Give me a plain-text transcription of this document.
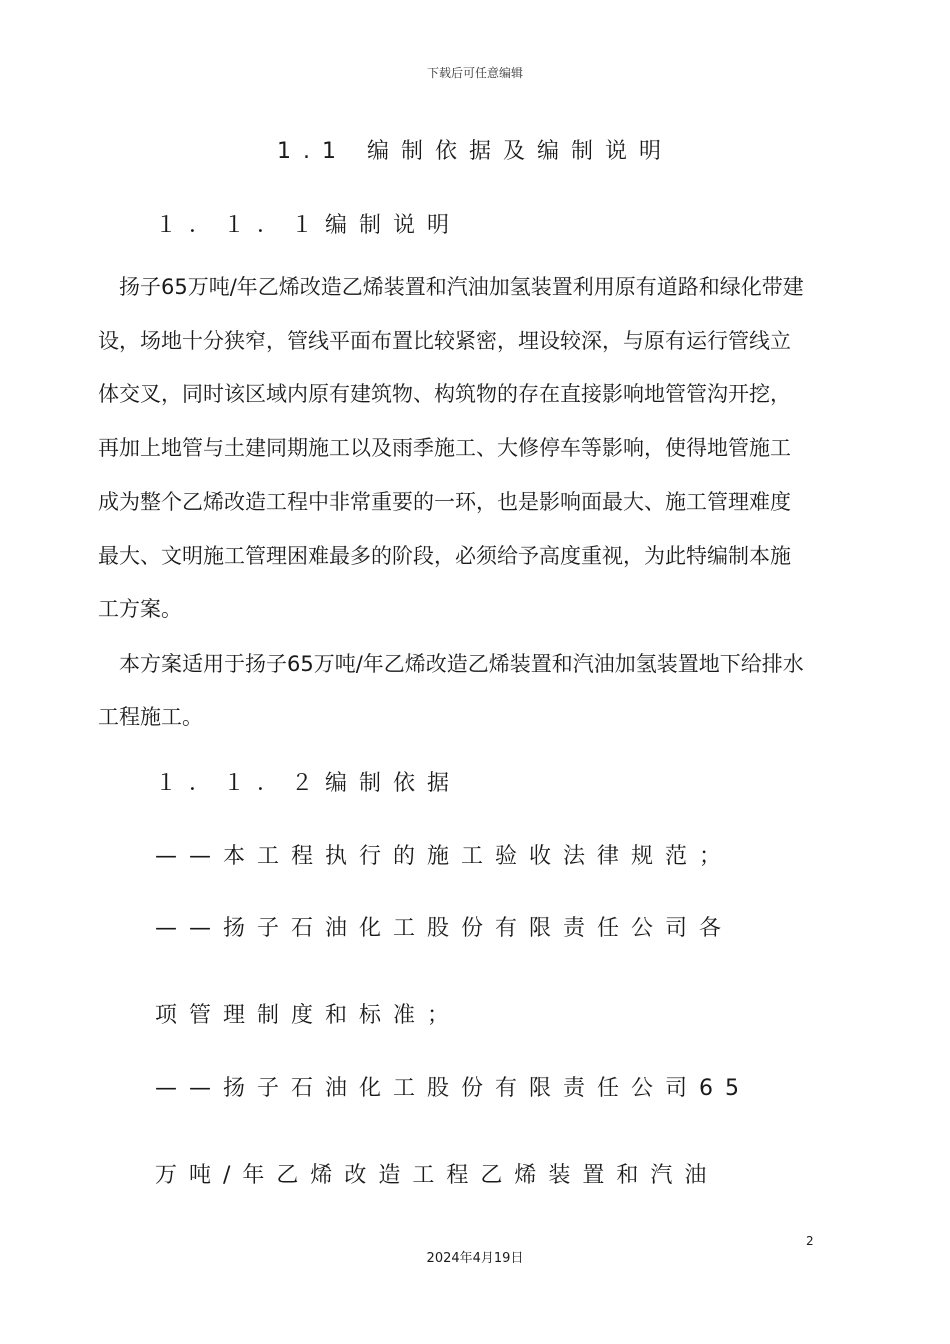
下载后可任意编辑
1.1 编制依据及编制说明
１．１．１编制说明
扬子65万吨/年乙烯改造乙烯装置和汽油加氢装置利用原有道路和绿化带建设，场地十分狭窄，管线平面布置比较紧密，埋设较深，与原有运行管线立体交叉，同时该区域内原有建筑物、构筑物的存在直接影响地管管沟开挖，再加上地管与土建同期施工以及雨季施工、大修停车等影响，使得地管施工成为整个乙烯改造工程中非常重要的一环，也是影响面最大、施工管理难度最大、文明施工管理困难最多的阶段，必须给予高度重视，为此特编制本施工方案。
本方案适用于扬子65万吨/年乙烯改造乙烯装置和汽油加氢装置地下给排水工程施工。
１．１．２编制依据
——本工程执行的施工验收法律规范；
——扬子石油化工股份有限责任公司各
项管理制度和标准；
——扬子石油化工股份有限责任公司65
万吨/年乙烯改造工程乙烯装置和汽油
2
2024年4月19日
